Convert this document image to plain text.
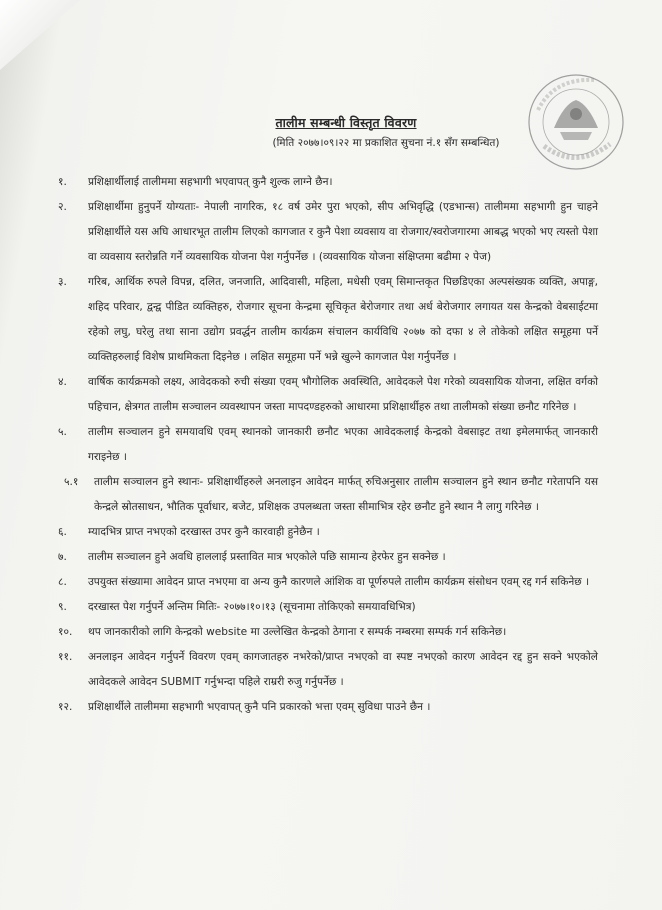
तालीम सम्बन्धी विस्तृत विवरण
(मिति २०७७।०९।२२ मा प्रकाशित सुचना नं.१ सँग सम्बन्धित)
१.	प्रशिक्षार्थीलाई तालीममा सहभागी भएवापत् कुनै शुल्क लाग्ने छैन।
२.	प्रशिक्षार्थीमा हुनुपर्ने योग्यताः- नेपाली नागरिक, १८ वर्ष उमेर पुरा भएको, सीप अभिवृद्धि (एडभान्स) तालीममा सहभागी हुन चाहने प्रशिक्षार्थीले यस अघि आधारभूत तालीम लिएको कागजात र कुनै पेशा व्यवसाय वा रोजगार/स्वरोजगारमा आबद्ध भएको भए त्यस्तो पेशा वा व्यवसाय स्तरोन्नति गर्ने व्यवसायिक योजना पेश गर्नुपर्नेछ । (व्यवसायिक योजना संक्षिप्तमा बढीमा २ पेज)
३.	गरिब, आर्थिक रुपले विपन्न, दलित, जनजाति, आदिवासी, महिला, मधेसी एवम् सिमान्तकृत पिछडिएका अल्पसंख्यक व्यक्ति, अपाङ्ग, शहिद परिवार, द्वन्द्व पीडित व्यक्तिहरु, रोजगार सूचना केन्द्रमा सूचिकृत बेरोजगार तथा अर्ध बेरोजगार लगायत यस केन्द्रको वेबसाईटमा रहेको लघु, घरेलु तथा साना उद्योग प्रवर्द्धन तालीम कार्यक्रम संचालन कार्यविधि २०७७ को दफा ४ ले तोकेको लक्षित समूहमा पर्ने व्यक्तिहरुलाई विशेष प्राथमिकता दिइनेछ । लक्षित समूहमा पर्ने भन्ने खुल्ने कागजात पेश गर्नुपर्नेछ ।
४.	वार्षिक कार्यक्रमको लक्ष्य, आवेदकको रुची संख्या एवम् भौगोलिक अवस्थिति, आवेदकले पेश गरेको व्यवसायिक योजना, लक्षित वर्गको पहिचान, क्षेत्रगत तालीम सञ्चालन व्यवस्थापन जस्ता मापदण्डहरुको आधारमा प्रशिक्षार्थीहरु तथा तालीमको संख्या छनौट गरिनेछ ।
५.	तालीम सञ्चालन हुने समयावधि एवम् स्थानको जानकारी छनौट भएका आवेदकलाई केन्द्रको वेबसाइट तथा इमेलमार्फत् जानकारी गराइनेछ ।
५.१	तालीम सञ्चालन हुने स्थानः- प्रशिक्षार्थीहरुले अनलाइन आवेदन मार्फत् रुचिअनुसार तालीम सञ्चालन हुने स्थान छनौट गरेतापनि यस केन्द्रले स्रोतसाधन, भौतिक पूर्वाधार, बजेट, प्रशिक्षक उपलब्धता जस्ता सीमाभित्र रहेर छनौट हुने स्थान नै लागु गरिनेछ ।
६.	म्यादभित्र प्राप्त नभएको दरखास्त उपर कुनै कारवाही हुनेछैन ।
७.	तालीम सञ्चालन हुने अवधि हाललाई प्रस्तावित मात्र भएकोले पछि सामान्य हेरफेर हुन सक्नेछ ।
८.	उपयुक्त संख्यामा आवेदन प्राप्त नभएमा वा अन्य कुनै कारणले आंशिक वा पूर्णरुपले तालीम कार्यक्रम संसोधन एवम् रद्द गर्न सकिनेछ ।
९.	दरखास्त पेश गर्नुपर्ने अन्तिम मितिः- २०७७।१०।१३ (सूचनामा तोकिएको समयावधिभित्र)
१०.	थप जानकारीको लागि केन्द्रको website मा उल्लेखित केन्द्रको ठेगाना र सम्पर्क नम्बरमा सम्पर्क गर्न सकिनेछ।
११.	अनलाइन आवेदन गर्नुपर्ने विवरण एवम् कागजातहरु नभरेको/प्राप्त नभएको वा स्पष्ट नभएको कारण आवेदन रद्द हुन सक्ने भएकोले आवेदकले आवेदन SUBMIT गर्नुभन्दा पहिले राम्ररी रुजु गर्नुपर्नेछ ।
१२.	प्रशिक्षार्थीले तालीममा सहभागी भएवापत् कुनै पनि प्रकारको भत्ता एवम् सुविधा पाउने छैन ।
